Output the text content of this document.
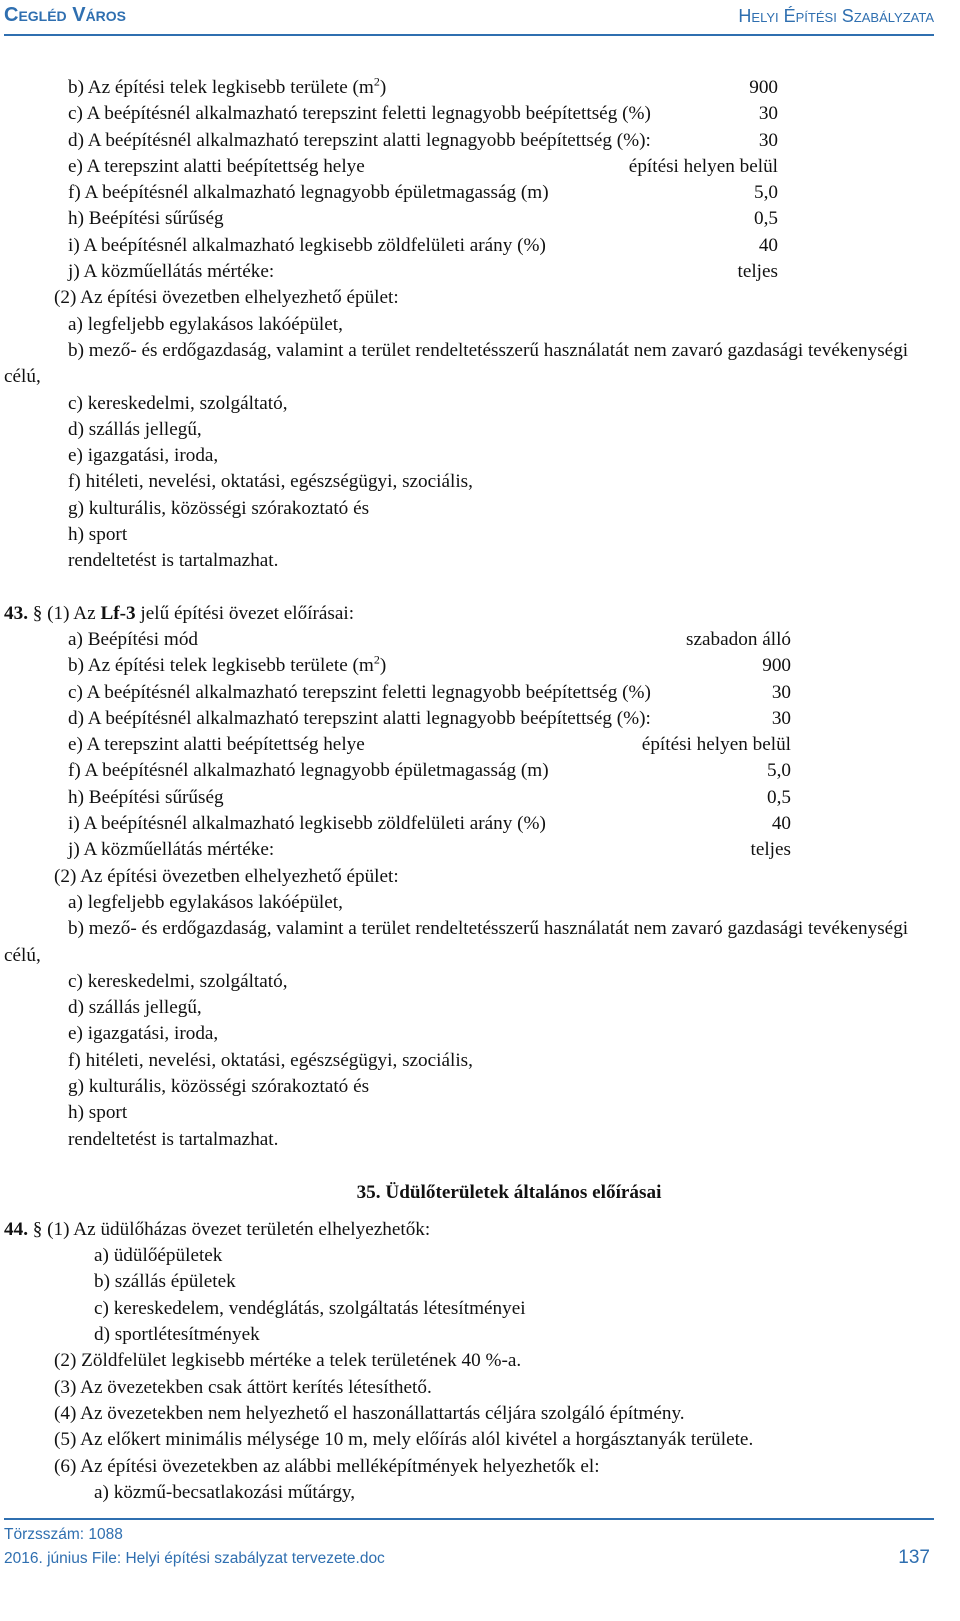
Cegléd Város	Helyi Építési Szabályzata
b) Az építési telek legkisebb területe $(m^2)$	900
c) A beépítésnél alkalmazható terepszint feletti legnagyobb beépítettség (%)	30
d) A beépítésnél alkalmazható terepszint alatti legnagyobb beépítettség (%):	30
e) A terepszint alatti beépítettség helye	építési helyen belül
f) A beépítésnél alkalmazható legnagyobb épületmagasság (m)	5,0
h) Beépítési sűrűség	0,5
i) A beépítésnél alkalmazható legkisebb zöldfelületi arány (%)	40
j) A közműellátás mértéke:	teljes
(2) Az építési övezetben elhelyezhető épület:
a) legfeljebb egylakásos lakóépület,
b) mező- és erdőgazdaság, valamint a terület rendeltetésszerű használatát nem zavaró gazdasági tevékenységi célú,
c) kereskedelmi, szolgáltató,
d) szállás jellegű,
e) igazgatási, iroda,
f) hitéleti, nevelési, oktatási, egészségügyi, szociális,
g) kulturális, közösségi szórakoztató és
h) sport
rendeltetést is tartalmazhat.
43. § (1) Az Lf-3 jelű építési övezet előírásai:
a) Beépítési mód	szabadon álló
b) Az építési telek legkisebb területe $(m^2)$	900
c) A beépítésnél alkalmazható terepszint feletti legnagyobb beépítettség (%)	30
d) A beépítésnél alkalmazható terepszint alatti legnagyobb beépítettség (%):	30
e) A terepszint alatti beépítettség helye	építési helyen belül
f) A beépítésnél alkalmazható legnagyobb épületmagasság (m)	5,0
h) Beépítési sűrűség	0,5
i) A beépítésnél alkalmazható legkisebb zöldfelületi arány (%)	40
j) A közműellátás mértéke:	teljes
(2) Az építési övezetben elhelyezhető épület:
a) legfeljebb egylakásos lakóépület,
b) mező- és erdőgazdaság, valamint a terület rendeltetésszerű használatát nem zavaró gazdasági tevékenységi célú,
c) kereskedelmi, szolgáltató,
d) szállás jellegű,
e) igazgatási, iroda,
f) hitéleti, nevelési, oktatási, egészségügyi, szociális,
g) kulturális, közösségi szórakoztató és
h) sport
rendeltetést is tartalmazhat.
35. Üdülőterületek általános előírásai
44. § (1) Az üdülőházas övezet területén elhelyezhetők:
a) üdülőépületek
b) szállás épületek
c) kereskedelem, vendéglátás, szolgáltatás létesítményei
d) sportlétesítmények
(2) Zöldfelület legkisebb mértéke a telek területének 40 %-a.
(3) Az övezetekben csak áttört kerítés létesíthető.
(4) Az övezetekben nem helyezhető el haszonállattartás céljára szolgáló építmény.
(5) Az előkert minimális mélysége 10 m, mely előírás alól kivétel a horgásztanyák területe.
(6) Az építési övezetekben az alábbi melléképítmények helyezhetők el:
a) közmű-becsatlakozási műtárgy,
Törzsszám: 1088
2016. június File: Helyi építési szabályzat tervezete.doc	137
